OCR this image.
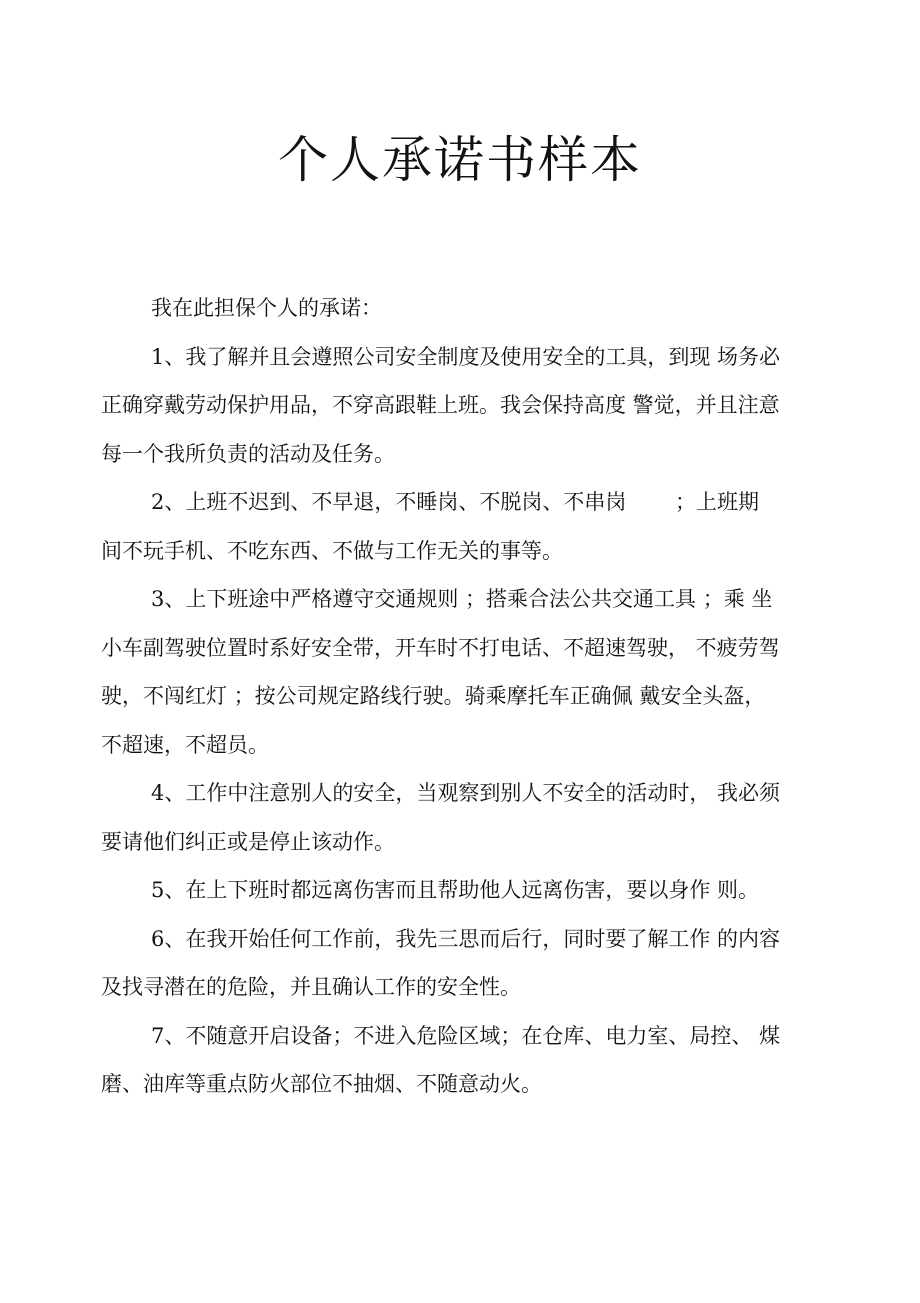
个人承诺书样本
我在此担保个人的承诺：
1、我了解并且会遵照公司安全制度及使用安全的工具，到现 场务必
正确穿戴劳动保护用品，不穿高跟鞋上班。我会保持高度 警觉，并且注意
每一个我所负责的活动及任务。
2、上班不迟到、不早退，不睡岗、不脱岗、不串岗　　 ；上班期
间不玩手机、不吃东西、不做与工作无关的事等。
3、上下班途中严格遵守交通规则 ；搭乘合法公共交通工具 ；乘 坐
小车副驾驶位置时系好安全带，开车时不打电话、不超速驾驶， 不疲劳驾
驶，不闯红灯 ；按公司规定路线行驶。骑乘摩托车正确佩 戴安全头盔，
不超速，不超员。
4、工作中注意别人的安全，当观察到别人不安全的活动时， 我必须
要请他们纠正或是停止该动作。
5、在上下班时都远离伤害而且帮助他人远离伤害，要以身作 则。
6、在我开始任何工作前，我先三思而后行，同时要了解工作 的内容
及找寻潜在的危险，并且确认工作的安全性。
7、不随意开启设备；不进入危险区域；在仓库、电力室、局控、 煤
磨、油库等重点防火部位不抽烟、不随意动火。
